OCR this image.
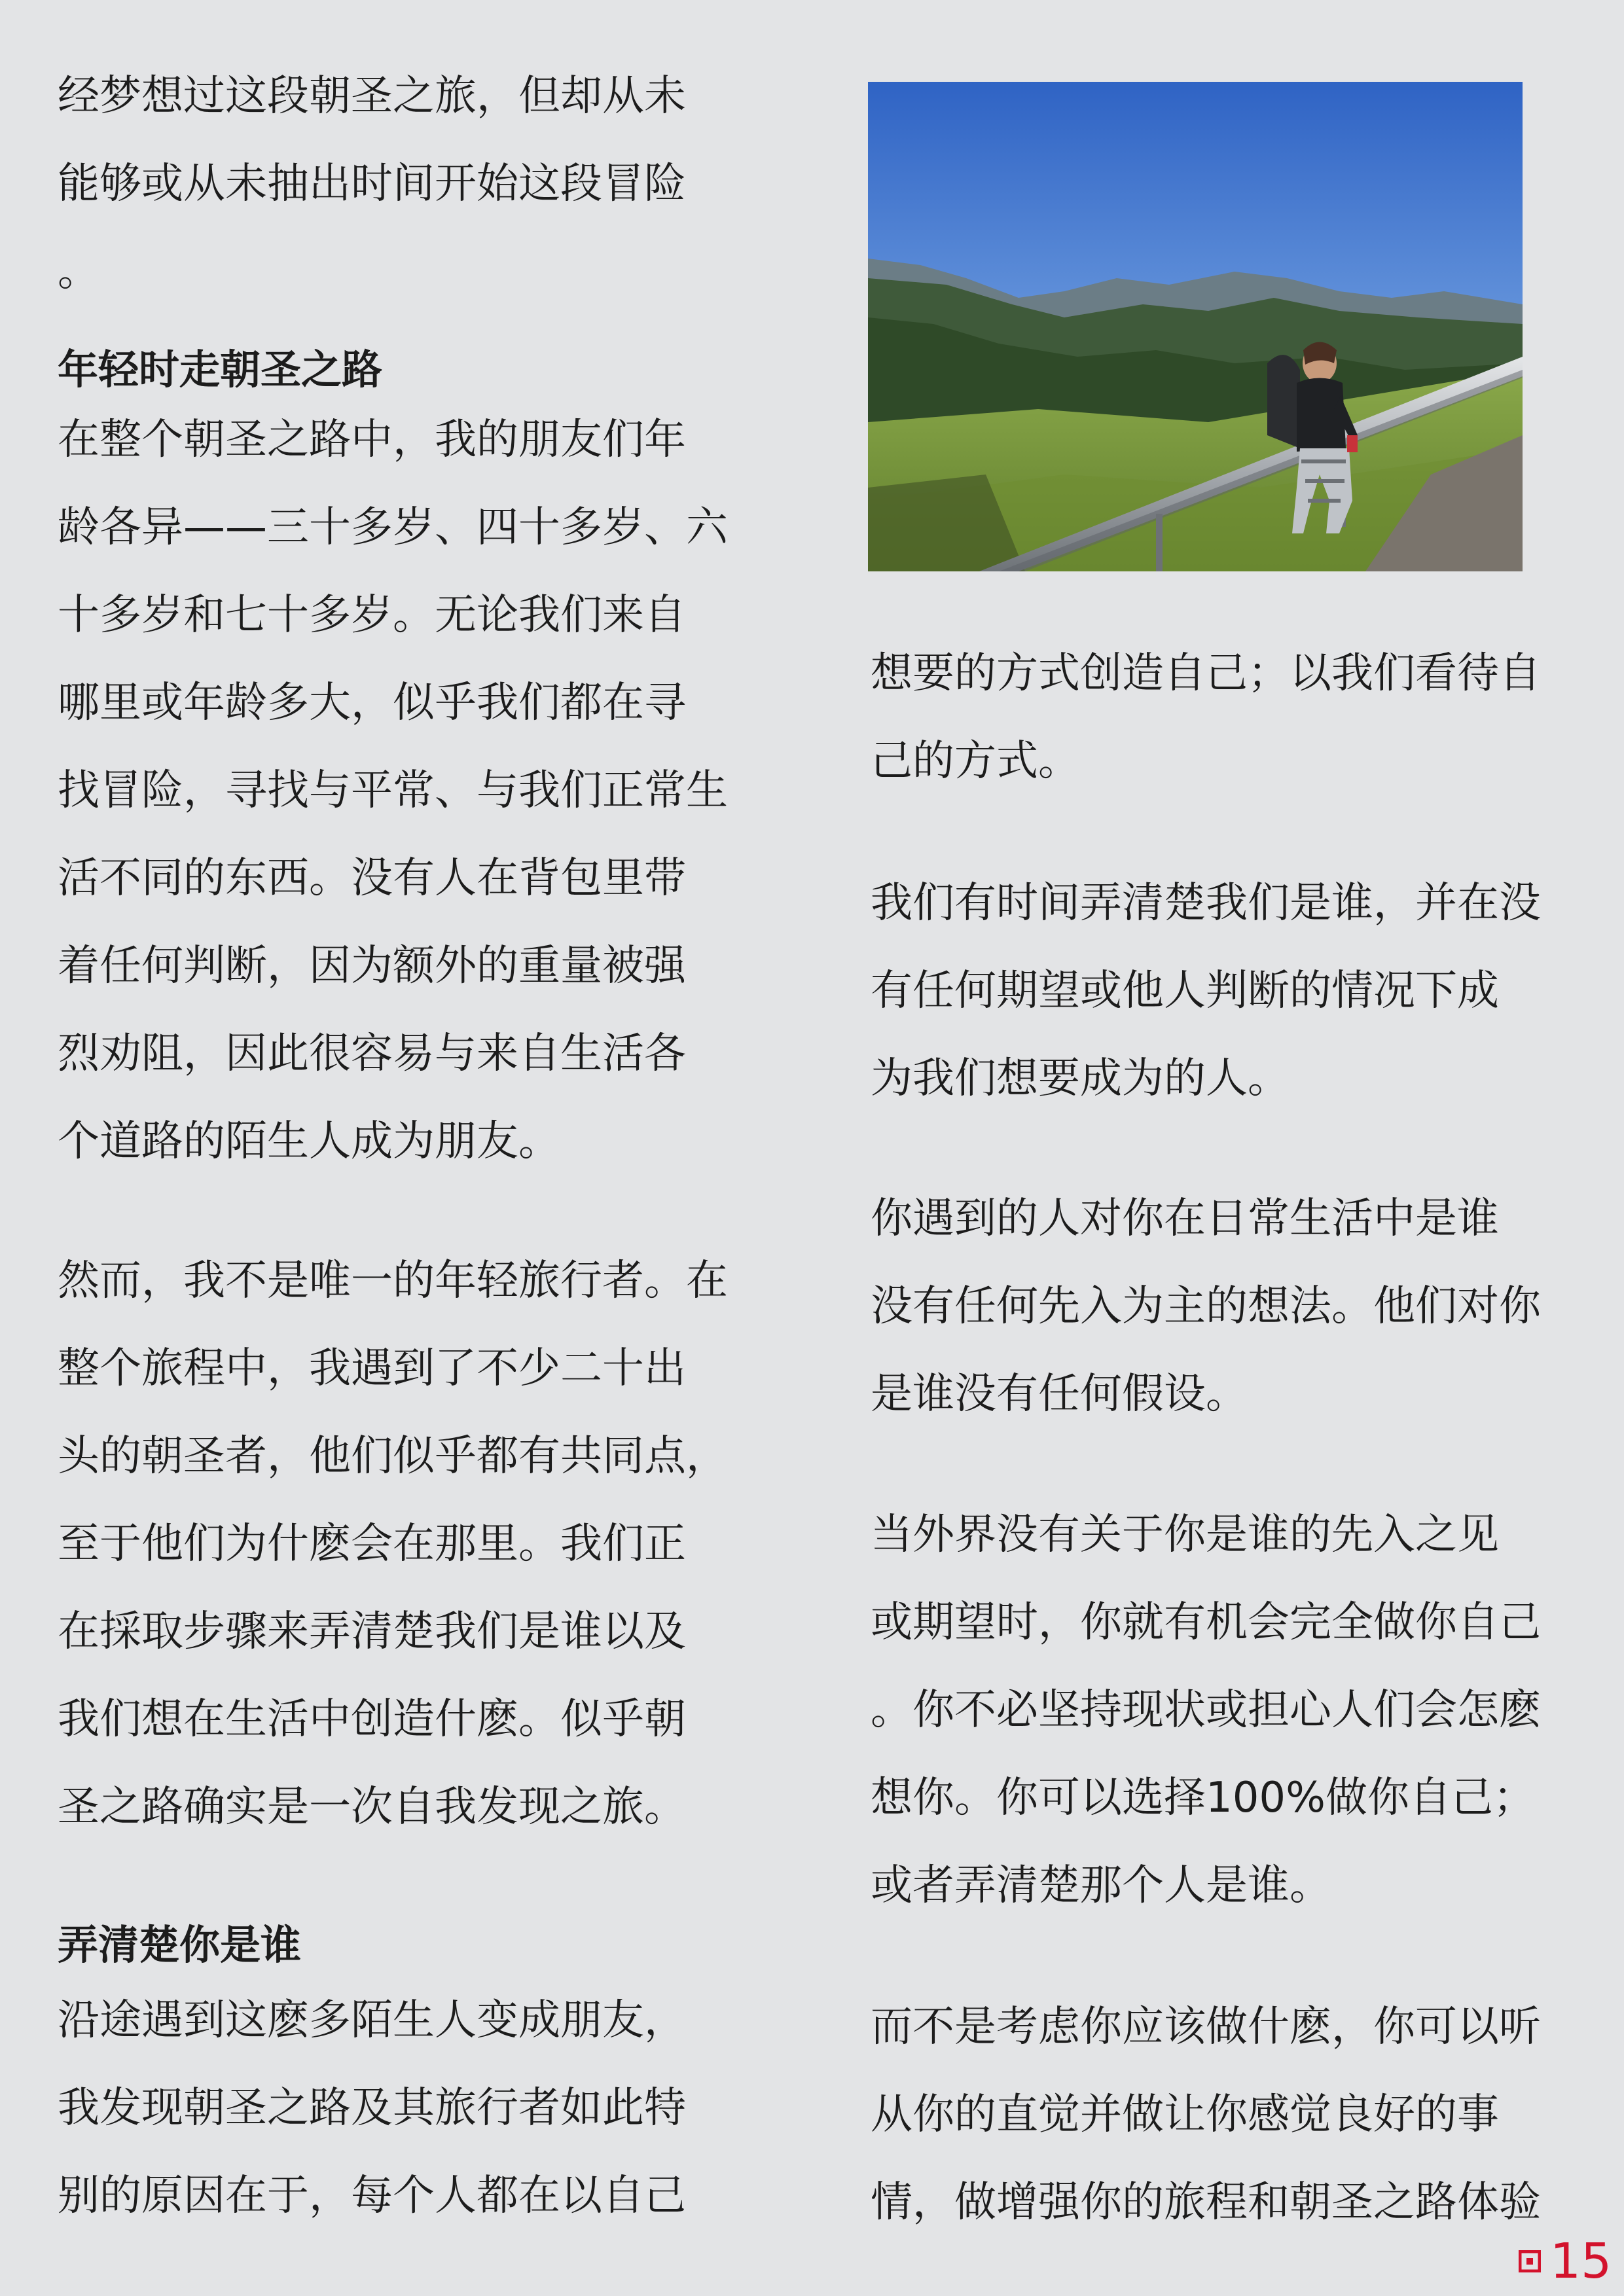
经梦想过这段朝圣之旅，但却从未

能够或从未抽出时间开始这段冒险

。

年轻时走朝圣之路

在整个朝圣之路中，我的朋友们年

龄各异——三十多岁、四十多岁、六

十多岁和七十多岁。无论我们来自

哪里或年龄多大，似乎我们都在寻

找冒险，寻找与平常、与我们正常生

活不同的东西。没有人在背包里带

着任何判断，因为额外的重量被强

烈劝阻，因此很容易与来自生活各

个道路的陌生人成为朋友。

然而，我不是唯一的年轻旅行者。在

整个旅程中，我遇到了不少二十出

头的朝圣者，他们似乎都有共同点，

至于他们为什麽会在那里。我们正

在採取步骤来弄清楚我们是谁以及

我们想在生活中创造什麽。似乎朝

圣之路确实是一次自我发现之旅。

弄清楚你是谁

沿途遇到这麽多陌生人变成朋友，

我发现朝圣之路及其旅行者如此特

别的原因在于，每个人都在以自己

想要的方式创造自己；以我们看待自

己的方式。

我们有时间弄清楚我们是谁，并在没

有任何期望或他人判断的情况下成

为我们想要成为的人。

你遇到的人对你在日常生活中是谁

没有任何先入为主的想法。他们对你

是谁没有任何假设。

当外界没有关于你是谁的先入之见

或期望时，你就有机会完全做你自己

。你不必坚持现状或担心人们会怎麽

想你。你可以选择100%做你自己；

或者弄清楚那个人是谁。

而不是考虑你应该做什麽，你可以听

从你的直觉并做让你感觉良好的事

情，做增强你的旅程和朝圣之路体验

15
